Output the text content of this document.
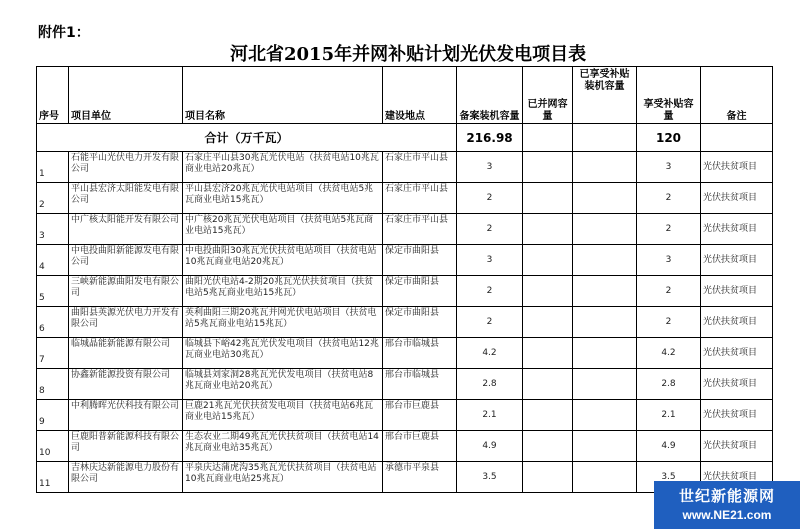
附件1：
河北省2015年并网补贴计划光伏发电项目表
序号	项目单位	项目名称	建设地点	备案装机容量	已并网容量	已享受补贴装机容量	享受补贴容量	备注
合计（万千瓦）				216.98			120	
1	石能平山光伏电力开发有限公司	石家庄平山县30兆瓦光伏电站（扶贫电站10兆瓦商业电站20兆瓦）	石家庄市平山县	3			3	光伏扶贫项目
2	平山县宏济太阳能发电有限公司	平山县宏济20兆瓦光伏电站项目（扶贫电站5兆瓦商业电站15兆瓦）	石家庄市平山县	2			2	光伏扶贫项目
3	中广核太阳能开发有限公司	中广核20兆瓦光伏电站项目（扶贫电站5兆瓦商业电站15兆瓦）	石家庄市平山县	2			2	光伏扶贫项目
4	中电投曲阳新能源发电有限公司	中电投曲阳30兆瓦光伏扶贫电站项目（扶贫电站10兆瓦商业电站20兆瓦）	保定市曲阳县	3			3	光伏扶贫项目
5	三峡新能源曲阳发电有限公司	曲阳光伏电站4-2期20兆瓦光伏扶贫项目（扶贫电站5兆瓦商业电站15兆瓦）	保定市曲阳县	2			2	光伏扶贫项目
6	曲阳县英源光伏电力开发有限公司	英利曲阳三期20兆瓦并网光伏电站项目（扶贫电站5兆瓦商业电站15兆瓦）	保定市曲阳县	2			2	光伏扶贫项目
7	临城晶能新能源有限公司	临城县下峪42兆瓦光伏发电项目（扶贫电站12兆瓦商业电站30兆瓦）	邢台市临城县	4.2			4.2	光伏扶贫项目
8	协鑫新能源投资有限公司	临城县刘家洞28兆瓦光伏发电项目（扶贫电站8兆瓦商业电站20兆瓦）	邢台市临城县	2.8			2.8	光伏扶贫项目
9	中利腾晖光伏科技有限公司	巨鹿21兆瓦光伏扶贫发电项目（扶贫电站6兆瓦商业电站15兆瓦）	邢台市巨鹿县	2.1			2.1	光伏扶贫项目
10	巨鹿阳普新能源科技有限公司	生态农业二期49兆瓦光伏扶贫项目（扶贫电站14兆瓦商业电站35兆瓦）	邢台市巨鹿县	4.9			4.9	光伏扶贫项目
11	吉林庆达新能源电力股份有限公司	平泉庆达蒲虎沟35兆瓦光伏扶贫项目（扶贫电站10兆瓦商业电站25兆瓦）	承德市平泉县	3.5			3.5	光伏扶贫项目
世纪新能源网
www.NE21.com
